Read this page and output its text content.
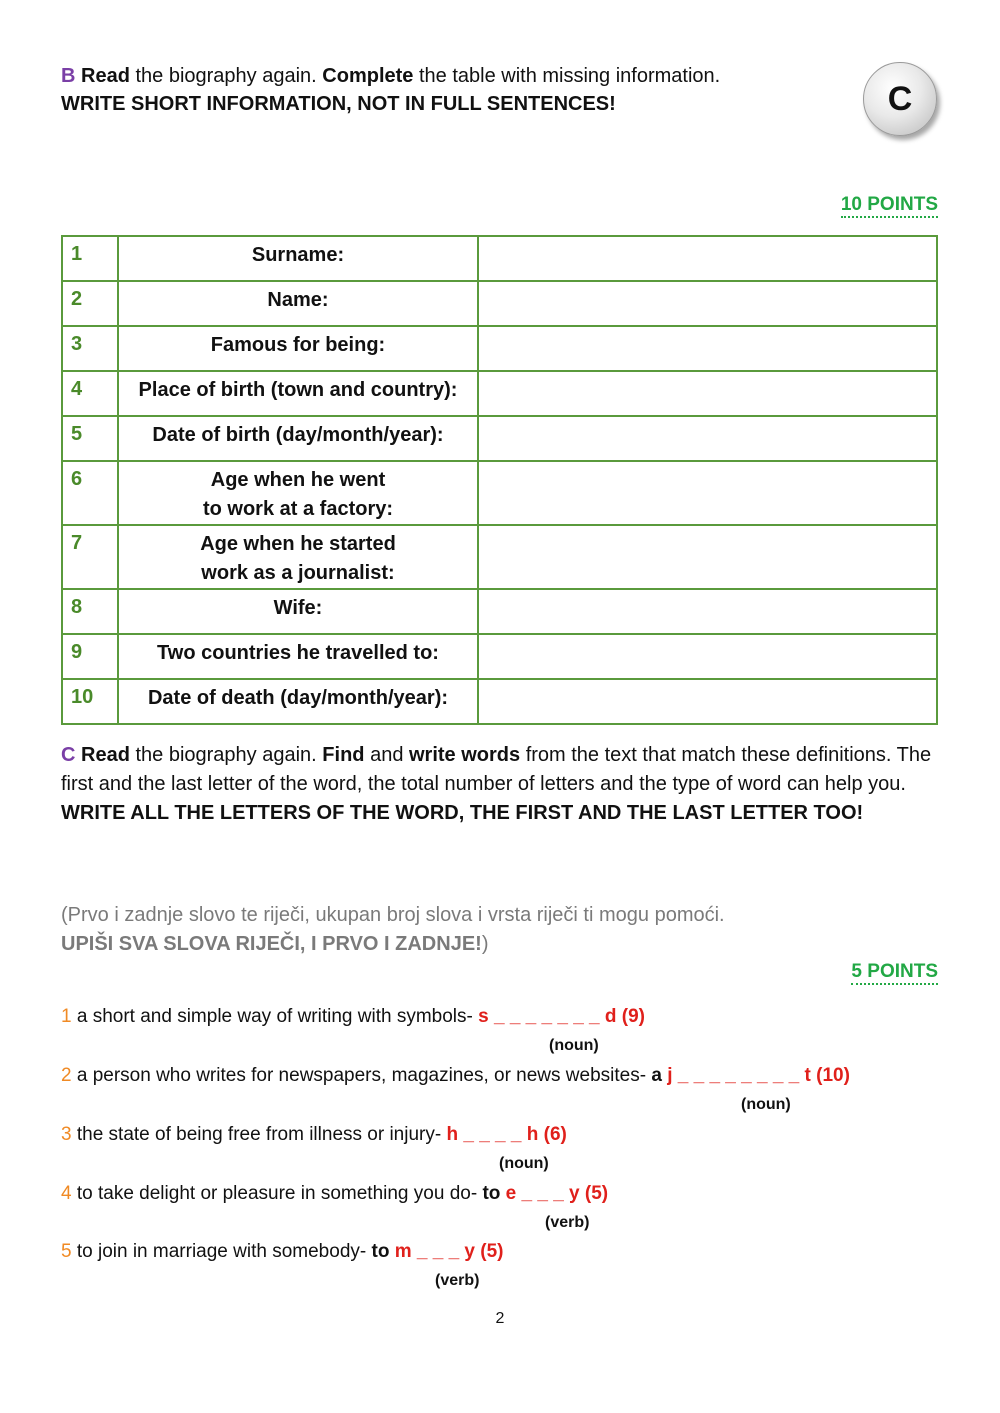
B Read the biography again. Complete the table with missing information.
WRITE SHORT INFORMATION, NOT IN FULL SENTENCES!	C
10 POINTS
1	Surname:	
2	Name:	
3	Famous for being:	
4	Place of birth (town and country):	
5	Date of birth (day/month/year):	
6	Age when he went
to work at a factory:	

7	Age when he started
work as a journalist:	

8	Wife:	
9	Two countries he travelled to:	
10	Date of death (day/month/year):	
C Read the biography again. Find and write words from the text that match these definitions. The first and the last letter of the word, the total number of letters and the type of word can help you. WRITE ALL THE LETTERS OF THE WORD, THE FIRST AND THE LAST LETTER TOO!
(Prvo i zadnje slovo te riječi, ukupan broj slova i vrsta riječi ti mogu pomoći.
UPIŠI SVA SLOVA RIJEČI, I PRVO I ZADNJE!)
5 POINTS
1 a short and simple way of writing with symbols- s _ _ _ _ _ _ _ d (9)
(noun)
2 a person who writes for newspapers, magazines, or news websites- a j _ _ _ _ _ _ _ _ t (10)
(noun)
3 the state of being free from illness or injury- h _ _ _ _ h (6)
(noun)
4 to take delight or pleasure in something you do- to e _ _ _ y (5)
(verb)
5 to join in marriage with somebody- to m _ _ _ y (5)
(verb)
2
